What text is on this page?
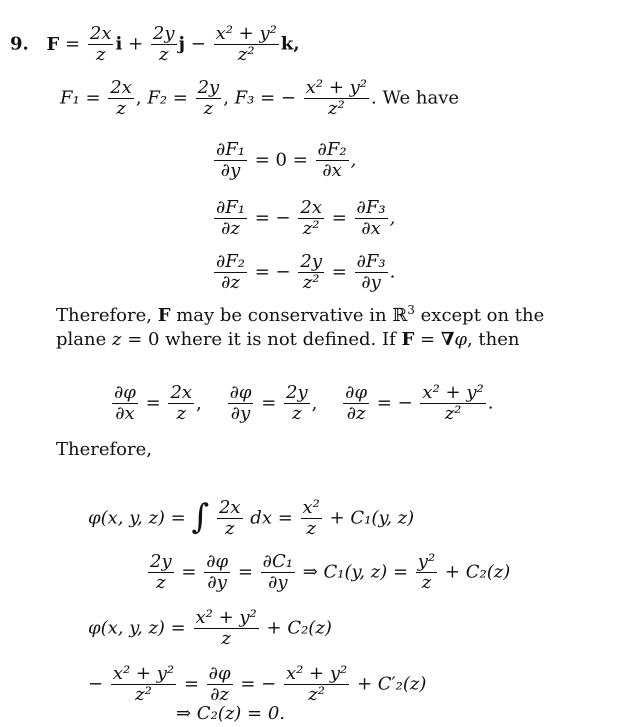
9. $F = \frac{2x}{z}$ $i + \frac{2y}{z}$ $j - \frac{\text{x² + y²}}{\text{z²}} k$,
$F_1 = \frac{2x}{z}$ , $F_2 = \frac{2y}{z}$ , F₃ = − $\frac{\text{x² + y²}}{\text{z²}}$ . We have
$\frac{\text{∂F₁}}{\partial y} = 0 = \frac{\text{∂F₂}}{\partial x}$ ,
$\frac{\text{∂F₁}}{\partial z}$ = − $\frac{2x}{\text{z²}} = \frac{\text{∂F₃}}{\partial x}$ ,
$\frac{\text{∂F₂}}{\partial z}$ = − $\frac{2y}{\text{z²}} = \frac{\text{∂F₃}}{\partial y}$ .
Therefore, F may be conservative in ℝ$^3$ except on the
plane z = 0 where it is not defined. If F = ∇φ, then
$\frac{\partial\varphi}{\partial x} = \frac{2x}{z}$ , $\frac{\partial\varphi}{\partial y} = \frac{2y}{z}$ , $\frac{\partial\varphi}{\partial z}$ = − $\frac{\text{x² + y²}}{\text{z²}}$ .
Therefore,
φ(x, y, z) = ∫ $\frac{2x}{z}$ dx = $\frac{\text{x²}}{z} + C_1(y$, z)
$\frac{2y}{z} = \frac{\partial\varphi}{\partial y} = \frac{\text{∂C₁}}{\partial y}$ ⇒ C₁(y, $z) = \frac{\text{y²}}{z} + C_2(z)$
φ(x, y, $z) = \frac{\text{x² + y²}}{z} + C_2(z)$
− $\frac{\text{x² + y²}}{\text{z²}} = \frac{\partial\varphi}{\partial z}$ = − $\frac{\text{x² + y²}}{\text{z²}} + C'_2(z)$
⇒ C₂(z) = 0.
